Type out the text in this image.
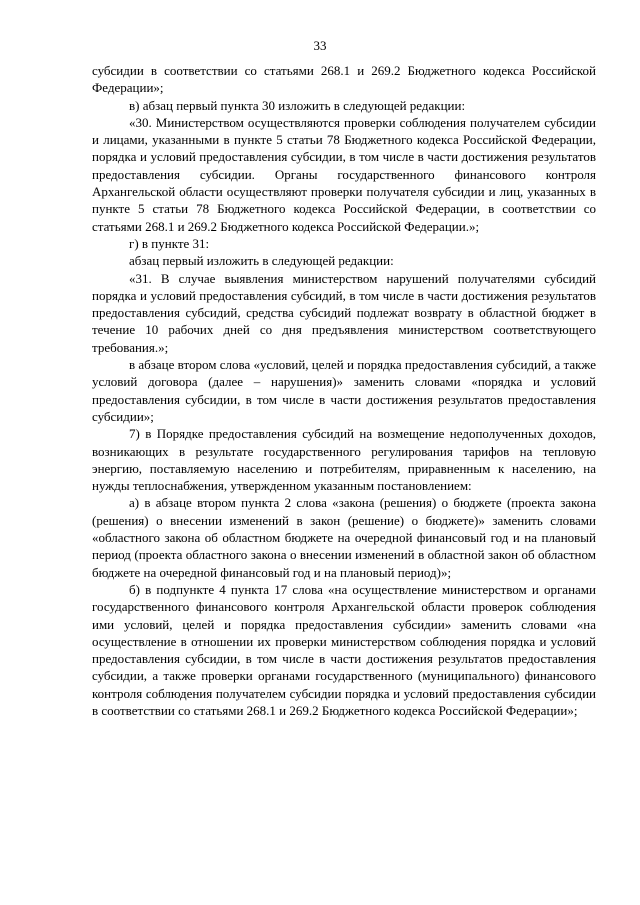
33

субсидии в соответствии со статьями 268.1 и 269.2 Бюджетного кодекса Российской Федерации»;

в) абзац первый пункта 30 изложить в следующей редакции:

«30. Министерством осуществляются проверки соблюдения получателем субсидии и лицами, указанными в пункте 5 статьи 78 Бюджетного кодекса Российской Федерации, порядка и условий предоставления субсидии, в том числе в части достижения результатов предоставления субсидии. Органы государственного финансового контроля Архангельской области осуществляют проверки получателя субсидии и лиц, указанных в пункте 5 статьи 78 Бюджетного кодекса Российской Федерации, в соответствии со статьями 268.1 и 269.2 Бюджетного кодекса Российской Федерации.»;

г) в пункте 31:

абзац первый изложить в следующей редакции:

«31. В случае выявления министерством нарушений получателями субсидий порядка и условий предоставления субсидий, в том числе в части достижения результатов предоставления субсидий, средства субсидий подлежат возврату в областной бюджет в течение 10 рабочих дней со дня предъявления министерством соответствующего требования.»;

в абзаце втором слова «условий, целей и порядка предоставления субсидий, а также условий договора (далее – нарушения)» заменить словами «порядка и условий предоставления субсидии, в том числе в части достижения результатов предоставления субсидии»;

7) в Порядке предоставления субсидий на возмещение недополученных доходов, возникающих в результате государственного регулирования тарифов на тепловую энергию, поставляемую населению и потребителям, приравненным к населению, на нужды теплоснабжения, утвержденном указанным постановлением:

а) в абзаце втором пункта 2 слова «закона (решения) о бюджете (проекта закона (решения) о внесении изменений в закон (решение) о бюджете)» заменить словами «областного закона об областном бюджете на очередной финансовый год и на плановый период (проекта областного закона о внесении изменений в областной закон об областном бюджете на очередной финансовый год и на плановый период)»;

б) в подпункте 4 пункта 17 слова «на осуществление министерством и органами государственного финансового контроля Архангельской области проверок соблюдения ими условий, целей и порядка предоставления субсидии» заменить словами «на осуществление в отношении их проверки министерством соблюдения порядка и условий предоставления субсидии, в том числе в части достижения результатов предоставления субсидии, а также проверки органами государственного (муниципального) финансового контроля соблюдения получателем субсидии порядка и условий предоставления субсидии в соответствии со статьями 268.1 и 269.2 Бюджетного кодекса Российской Федерации»;
